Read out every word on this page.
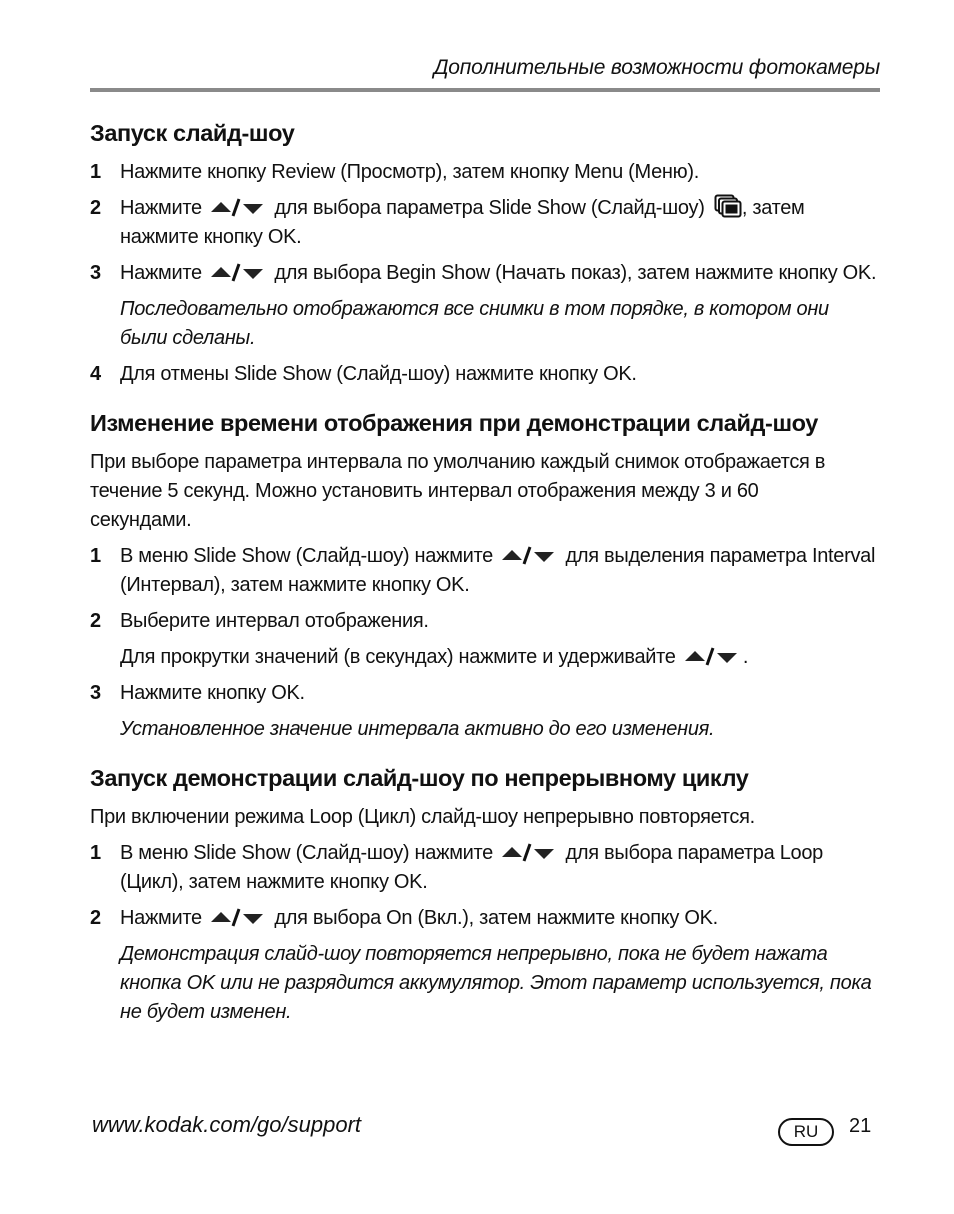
Дополнительные возможности фотокамеры
Запуск слайд-шоу
1 Нажмите кнопку Review (Просмотр), затем кнопку Menu (Меню).
2 Нажмите	для выбора параметра Slide Show (Слайд-шоу) , затем нажмите кнопку OK.
3 Нажмите	для выбора Begin Show (Начать показ), затем нажмите кнопку OK.

Последовательно отображаются все снимки в том порядке, в котором они были сделаны.

4 Для отмены Slide Show (Слайд-шоу) нажмите кнопку OK.
Изменение времени отображения при демонстрации слайд-шоу

При выборе параметра интервала по умолчанию каждый снимок отображается в течение 5 секунд. Можно установить интервал отображения между 3 и 60 секундами.

1 В меню Slide Show (Слайд-шоу) нажмите	для выделения параметра Interval (Интервал), затем нажмите кнопку OK.
2 Выберите интервал отображения.

Для прокрутки значений (в секундах) нажмите и удерживайте	.

3 Нажмите кнопку OK.

Установленное значение интервала активно до его изменения.

Запуск демонстрации слайд-шоу по непрерывному циклу

При включении режима Loop (Цикл) слайд-шоу непрерывно повторяется.

1 В меню Slide Show (Слайд-шоу) нажмите	для выбора параметра Loop (Цикл), затем нажмите кнопку OK.
2 Нажмите	для выбора On (Вкл.), затем нажмите кнопку OK.

Демонстрация слайд-шоу повторяется непрерывно, пока не будет нажата кнопка OK или не разрядится аккумулятор. Этот параметр используется, пока не будет изменен.

www.kodak.com/go/support	RU	21
